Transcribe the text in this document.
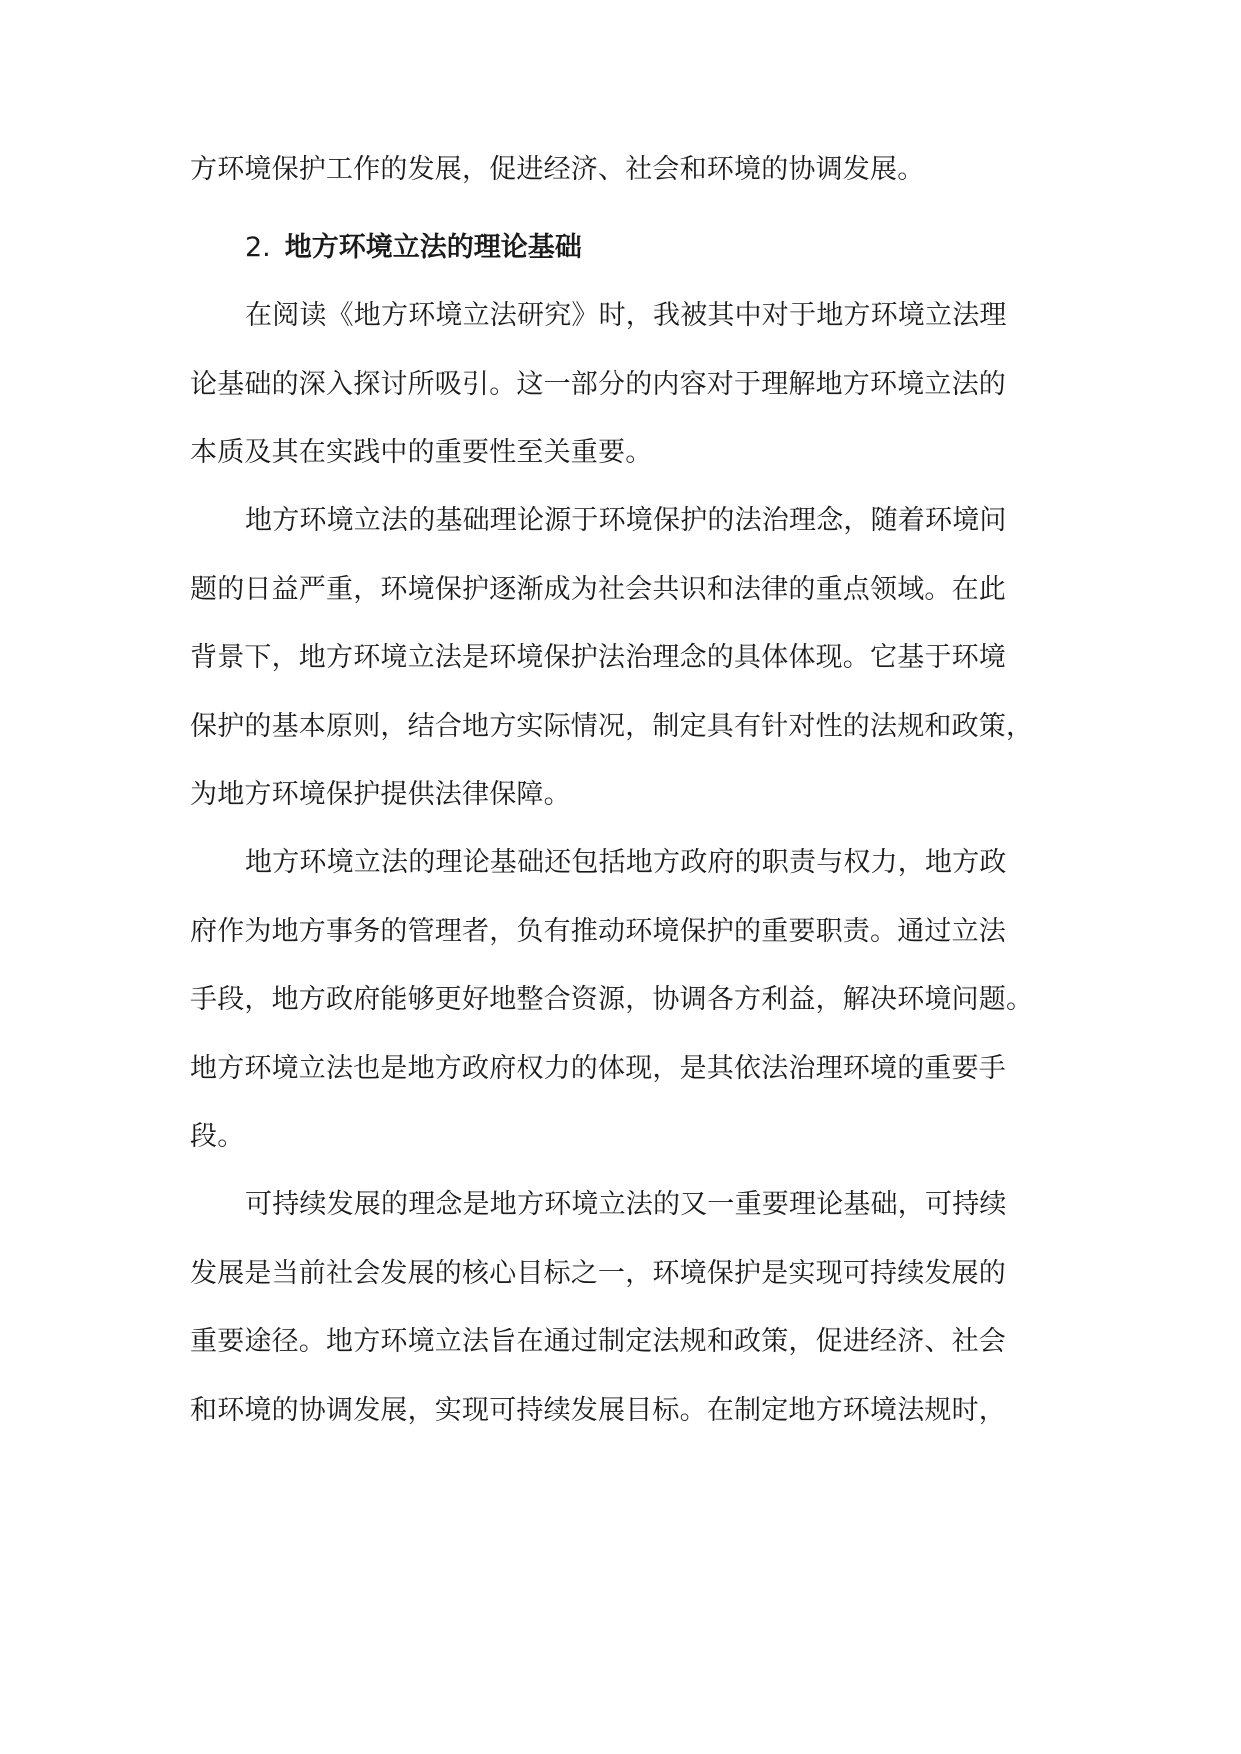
方环境保护工作的发展，促进经济、社会和环境的协调发展。
2. 地方环境立法的理论基础
在阅读《地方环境立法研究》时，我被其中对于地方环境立法理
论基础的深入探讨所吸引。这一部分的内容对于理解地方环境立法的
本质及其在实践中的重要性至关重要。
地方环境立法的基础理论源于环境保护的法治理念，随着环境问
题的日益严重，环境保护逐渐成为社会共识和法律的重点领域。在此
背景下，地方环境立法是环境保护法治理念的具体体现。它基于环境
保护的基本原则，结合地方实际情况，制定具有针对性的法规和政策，
为地方环境保护提供法律保障。
地方环境立法的理论基础还包括地方政府的职责与权力，地方政
府作为地方事务的管理者，负有推动环境保护的重要职责。通过立法
手段，地方政府能够更好地整合资源，协调各方利益，解决环境问题。
地方环境立法也是地方政府权力的体现，是其依法治理环境的重要手
段。
可持续发展的理念是地方环境立法的又一重要理论基础，可持续
发展是当前社会发展的核心目标之一，环境保护是实现可持续发展的
重要途径。地方环境立法旨在通过制定法规和政策，促进经济、社会
和环境的协调发展，实现可持续发展目标。在制定地方环境法规时，
